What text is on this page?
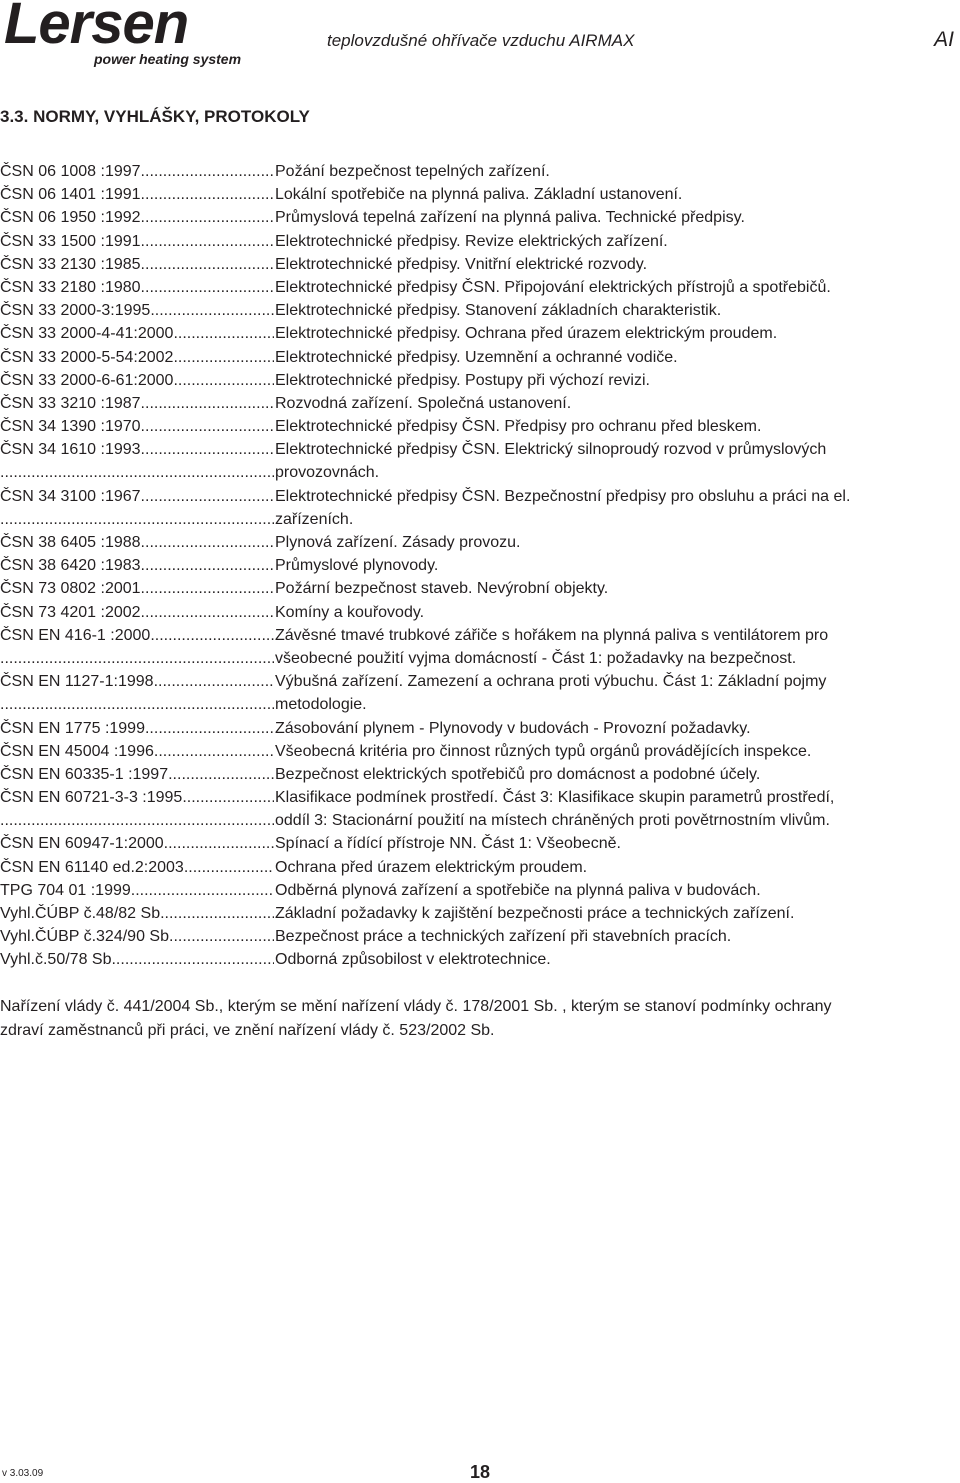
Lersen
power heating system
teplovzdušné ohřívače vzduchu AIRMAX	AI
3.3. NORMY, VYHLÁŠKY, PROTOKOLY
ČSN 06 1008 :1997 .....	Požání bezpečnost tepelných zařízení.
ČSN 06 1401 :1991 .....	Lokální spotřebiče na plynná paliva. Základní ustanovení.
ČSN 06 1950 :1992 .....	Průmyslová tepelná zařízení na plynná paliva. Technické předpisy.
ČSN 33 1500 :1991 .....	Elektrotechnické předpisy. Revize elektrických zařízení.
ČSN 33 2130 :1985 .....	Elektrotechnické předpisy. Vnitřní elektrické rozvody.
ČSN 33 2180 :1980 .....	Elektrotechnické předpisy ČSN. Připojování elektrických přístrojů a spotřebičů.
ČSN 33 2000-3:1995 .....	Elektrotechnické předpisy. Stanovení základních charakteristik.
ČSN 33 2000-4-41:2000 .....	Elektrotechnické předpisy. Ochrana před úrazem elektrickým proudem.
ČSN 33 2000-5-54:2002 .....	Elektrotechnické předpisy. Uzemnění a ochranné vodiče.
ČSN 33 2000-6-61:2000 .....	Elektrotechnické předpisy. Postupy při výchozí revizi.
ČSN 33 3210 :1987 .....	Rozvodná zařízení. Společná ustanovení.
ČSN 34 1390 :1970 .....	Elektrotechnické předpisy ČSN. Předpisy pro ochranu před bleskem.
ČSN 34 1610 :1993 .....	Elektrotechnické předpisy ČSN. Elektrický silnoproudý rozvod v průmyslových
.....
provozovnách.
ČSN 34 3100 :1967 .....	Elektrotechnické předpisy ČSN. Bezpečnostní předpisy pro obsluhu a práci na el.
.....
zařízeních.
ČSN 38 6405 :1988 .....	Plynová zařízení. Zásady provozu.
ČSN 38 6420 :1983 .....	Průmyslové plynovody.
ČSN 73 0802 :2001 .....	Požární bezpečnost staveb. Nevýrobní objekty.
ČSN 73 4201 :2002 .....	Komíny a kouřovody.
ČSN EN 416-1 :2000 .....	Závěsné tmavé trubkové zářiče s hořákem na plynná paliva s ventilátorem pro
.....
všeobecné použití vyjma domácností - Část 1: požadavky na bezpečnost.
ČSN EN 1127-1:1998 .....	Výbušná zařízení. Zamezení a ochrana proti výbuchu. Část 1: Základní pojmy
.....
metodologie.
ČSN EN 1775 :1999 .....	Zásobování plynem - Plynovody v budovách - Provozní požadavky.
ČSN EN 45004 :1996 .....	Všeobecná kritéria pro činnost různých typů orgánů provádějících inspekce.
ČSN EN 60335-1 :1997 .....	Bezpečnost elektrických spotřebičů pro domácnost a podobné účely.
ČSN EN 60721-3-3 :1995 .....	Klasifikace podmínek prostředí. Část 3: Klasifikace skupin parametrů prostředí,
.....
oddíl 3: Stacionární použití na místech chráněných proti povětrnostním vlivům.
ČSN EN 60947-1:2000 .....	Spínací a řídící přístroje NN. Část 1: Všeobecně.
ČSN EN 61140 ed.2:2003 .....	Ochrana před úrazem elektrickým proudem.
TPG 704 01 :1999 .....	Odběrná plynová zařízení a spotřebiče na plynná paliva v budovách.
Vyhl.ČÚBP č.48/82 Sb .....	Základní požadavky k zajištění bezpečnosti práce a technických zařízení.
Vyhl.ČÚBP č.324/90 Sb. .....	Bezpečnost práce a technických zařízení při stavebních pracích.
Vyhl.č.50/78 Sb. .....	Odborná způsobilost v elektrotechnice.
Nařízení vlády č. 441/2004 Sb., kterým se mění nařízení vlády č. 178/2001 Sb. , kterým se stanoví podmínky ochrany
zdraví zaměstnanců při práci, ve znění nařízení vlády č. 523/2002 Sb.
v 3.03.09	18
